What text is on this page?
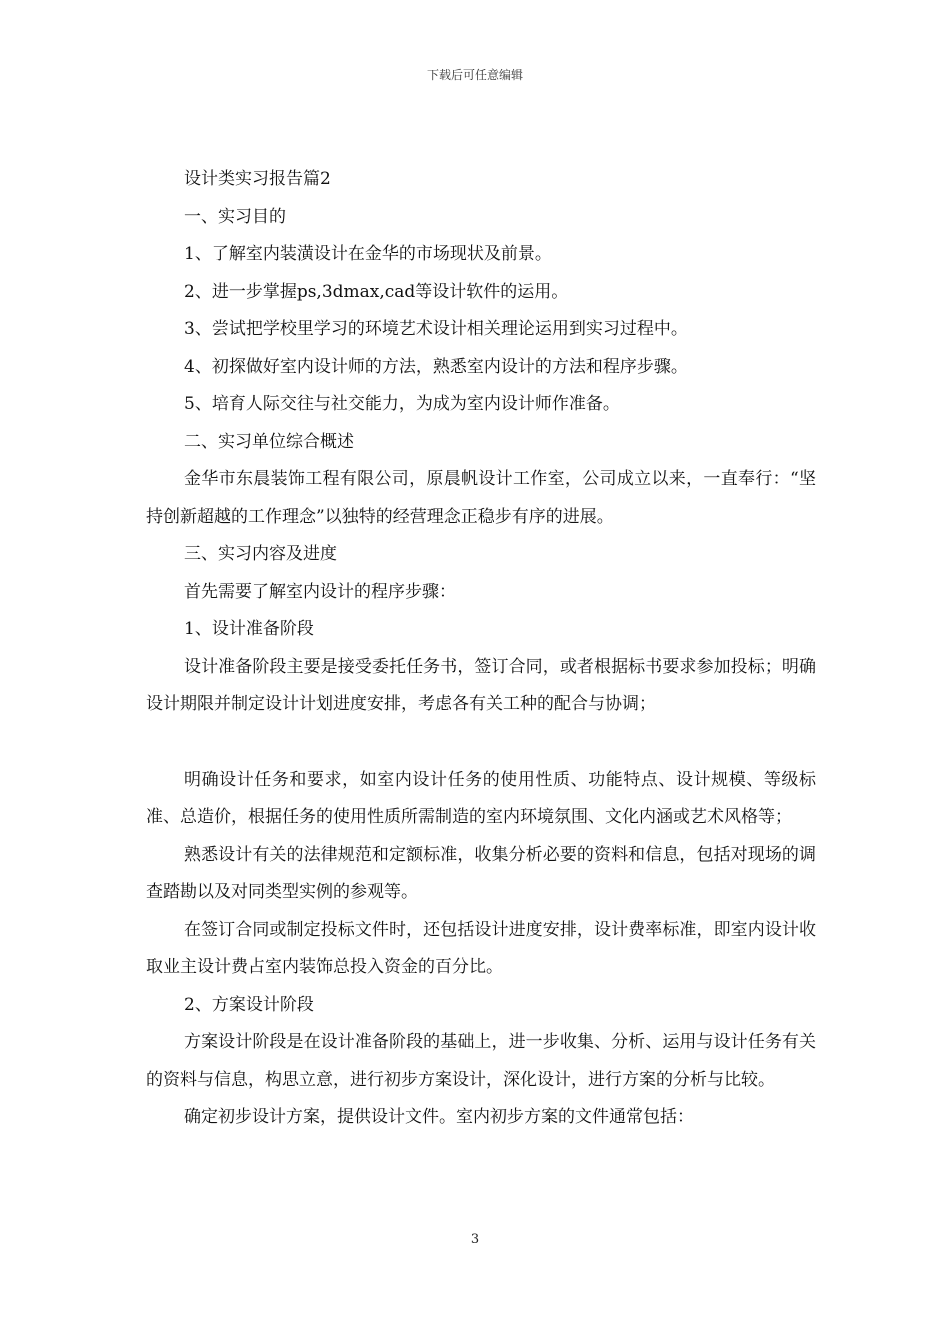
下载后可任意编辑

设计类实习报告篇2

一、实习目的

1、了解室内装潢设计在金华的市场现状及前景。

2、进一步掌握ps,3dmax,cad等设计软件的运用。

3、尝试把学校里学习的环境艺术设计相关理论运用到实习过程中。

4、初探做好室内设计师的方法，熟悉室内设计的方法和程序步骤。

5、培育人际交往与社交能力，为成为室内设计师作准备。

二、实习单位综合概述

金华市东晨装饰工程有限公司，原晨帆设计工作室，公司成立以来，一直奉行：“坚持创新超越的工作理念”以独特的经营理念正稳步有序的进展。

三、实习内容及进度

首先需要了解室内设计的程序步骤：

1、设计准备阶段

设计准备阶段主要是接受委托任务书，签订合同，或者根据标书要求参加投标；明确设计期限并制定设计计划进度安排，考虑各有关工种的配合与协调；

明确设计任务和要求，如室内设计任务的使用性质、功能特点、设计规模、等级标准、总造价，根据任务的使用性质所需制造的室内环境氛围、文化内涵或艺术风格等；

熟悉设计有关的法律规范和定额标准，收集分析必要的资料和信息，包括对现场的调查踏勘以及对同类型实例的参观等。

在签订合同或制定投标文件时，还包括设计进度安排，设计费率标准，即室内设计收取业主设计费占室内装饰总投入资金的百分比。

2、方案设计阶段

方案设计阶段是在设计准备阶段的基础上，进一步收集、分析、运用与设计任务有关的资料与信息，构思立意，进行初步方案设计，深化设计，进行方案的分析与比较。

确定初步设计方案，提供设计文件。室内初步方案的文件通常包括：

3
